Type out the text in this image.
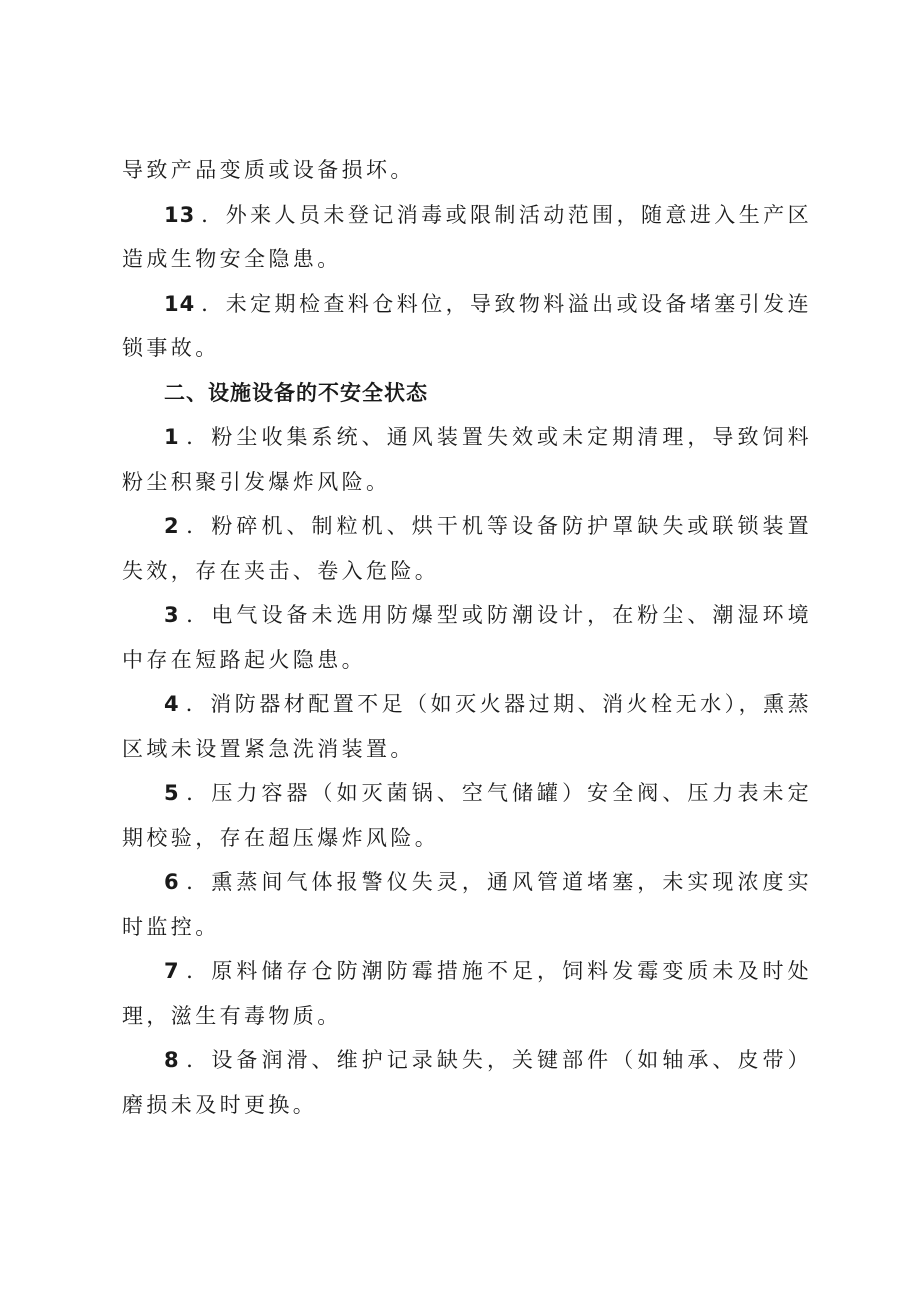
导致产品变质或设备损坏。

13 ．外来人员未登记消毒或限制活动范围，随意进入生产区造成生物安全隐患。

14 ．未定期检查料仓料位，导致物料溢出或设备堵塞引发连锁事故。

二、设施设备的不安全状态

1 ．粉尘收集系统、通风装置失效或未定期清理，导致饲料粉尘积聚引发爆炸风险。

2 ．粉碎机、制粒机、烘干机等设备防护罩缺失或联锁装置失效，存在夹击、卷入危险。

3 ．电气设备未选用防爆型或防潮设计，在粉尘、潮湿环境中存在短路起火隐患。

4 ．消防器材配置不足（如灭火器过期、消火栓无水），熏蒸区域未设置紧急洗消装置。

5 ．压力容器（如灭菌锅、空气储罐）安全阀、压力表未定期校验，存在超压爆炸风险。

6 ．熏蒸间气体报警仪失灵，通风管道堵塞，未实现浓度实时监控。

7 ．原料储存仓防潮防霉措施不足，饲料发霉变质未及时处理，滋生有毒物质。

8 ．设备润滑、维护记录缺失，关键部件（如轴承、皮带）磨损未及时更换。
